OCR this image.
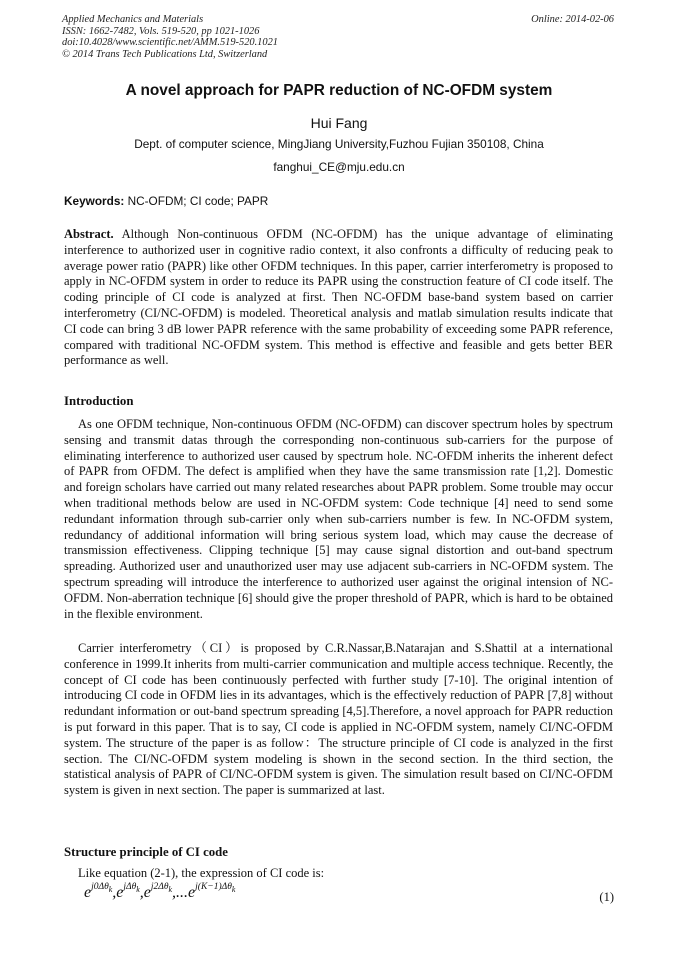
Applied Mechanics and Materials
ISSN: 1662-7482, Vols. 519-520, pp 1021-1026
doi:10.4028/www.scientific.net/AMM.519-520.1021
© 2014 Trans Tech Publications Ltd, Switzerland
Online: 2014-02-06
A novel approach for PAPR reduction of NC-OFDM system
Hui Fang
Dept. of computer science, MingJiang University,Fuzhou Fujian 350108, China
fanghui_CE@mju.edu.cn
Keywords: NC-OFDM; CI code; PAPR
Abstract. Although Non-continuous OFDM (NC-OFDM) has the unique advantage of eliminating interference to authorized user in cognitive radio context, it also confronts a difficulty of reducing peak to average power ratio (PAPR) like other OFDM techniques. In this paper, carrier interferometry is proposed to apply in NC-OFDM system in order to reduce its PAPR using the construction feature of CI code itself. The coding principle of CI code is analyzed at first. Then NC-OFDM base-band system based on carrier interferometry (CI/NC-OFDM) is modeled. Theoretical analysis and matlab simulation results indicate that CI code can bring 3 dB lower PAPR reference with the same probability of exceeding some PAPR reference, compared with traditional NC-OFDM system. This method is effective and feasible and gets better BER performance as well.
Introduction
As one OFDM technique, Non-continuous OFDM (NC-OFDM) can discover spectrum holes by spectrum sensing and transmit datas through the corresponding non-continuous sub-carriers for the purpose of eliminating interference to authorized user caused by spectrum hole. NC-OFDM inherits the inherent defect of PAPR from OFDM. The defect is amplified when they have the same transmission rate [1,2]. Domestic and foreign scholars have carried out many related researches about PAPR problem. Some trouble may occur when traditional methods below are used in NC-OFDM system: Code technique [4] need to send some redundant information through sub-carrier only when sub-carriers number is few. In NC-OFDM system, redundancy of additional information will bring serious system load, which may cause the decrease of transmission effectiveness. Clipping technique [5] may cause signal distortion and out-band spectrum spreading. Authorized user and unauthorized user may use adjacent sub-carriers in NC-OFDM system. The spectrum spreading will introduce the interference to authorized user against the original intension of NC-OFDM. Non-aberration technique [6] should give the proper threshold of PAPR, which is hard to be obtained in the flexible environment.
Carrier interferometry（CI）is proposed by C.R.Nassar,B.Natarajan and S.Shattil at a international conference in 1999.It inherits from multi-carrier communication and multiple access technique. Recently, the concept of CI code has been continuously perfected with further study [7-10]. The original intention of introducing CI code in OFDM lies in its advantages, which is the effectively reduction of PAPR [7,8] without redundant information or out-band spectrum spreading [4,5].Therefore, a novel approach for PAPR reduction is put forward in this paper. That is to say, CI code is applied in NC-OFDM system, namely CI/NC-OFDM system. The structure of the paper is as follow：The structure principle of CI code is analyzed in the first section. The CI/NC-OFDM system modeling is shown in the second section. In the third section, the statistical analysis of PAPR of CI/NC-OFDM system is given. The simulation result based on CI/NC-OFDM system is given in next section. The paper is summarized at last.
Structure principle of CI code
Like equation (2-1), the expression of CI code is:
$e^{j0\Delta\theta_k},e^{j\Delta\theta_k},e^{j2\Delta\theta_k},...e^{j(K-1)\Delta\theta_k}$
(1)
